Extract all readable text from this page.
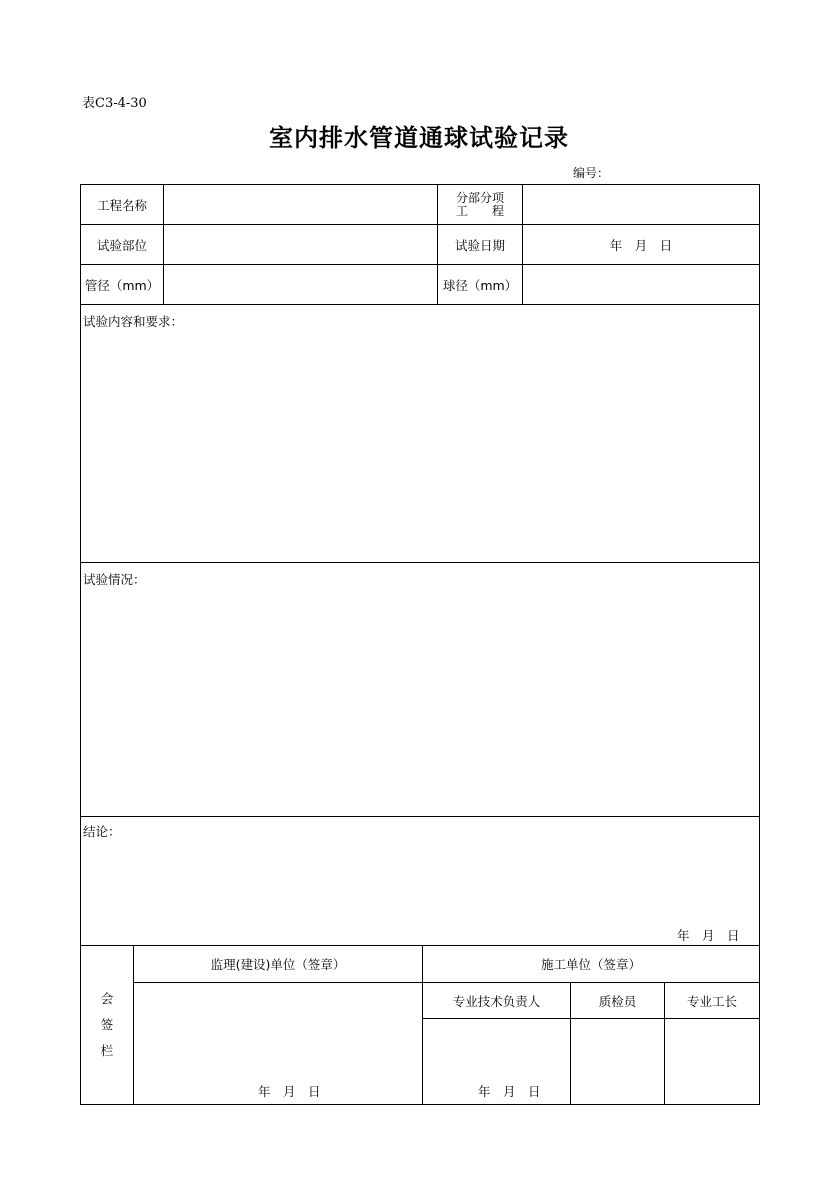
表C3-4-30
室内排水管道通球试验记录
编号：
工程名称	分部分项
工　　程
试验部位	试验日期	年　月　日
管径（mm）	球径（mm）
试验内容和要求：
试验情况：
结论：
年　月　日
会
签
栏
监理(建设)单位（签章）	施工单位（签章）
专业技术负责人	质检员	专业工长
年　月　日	年　月　日
